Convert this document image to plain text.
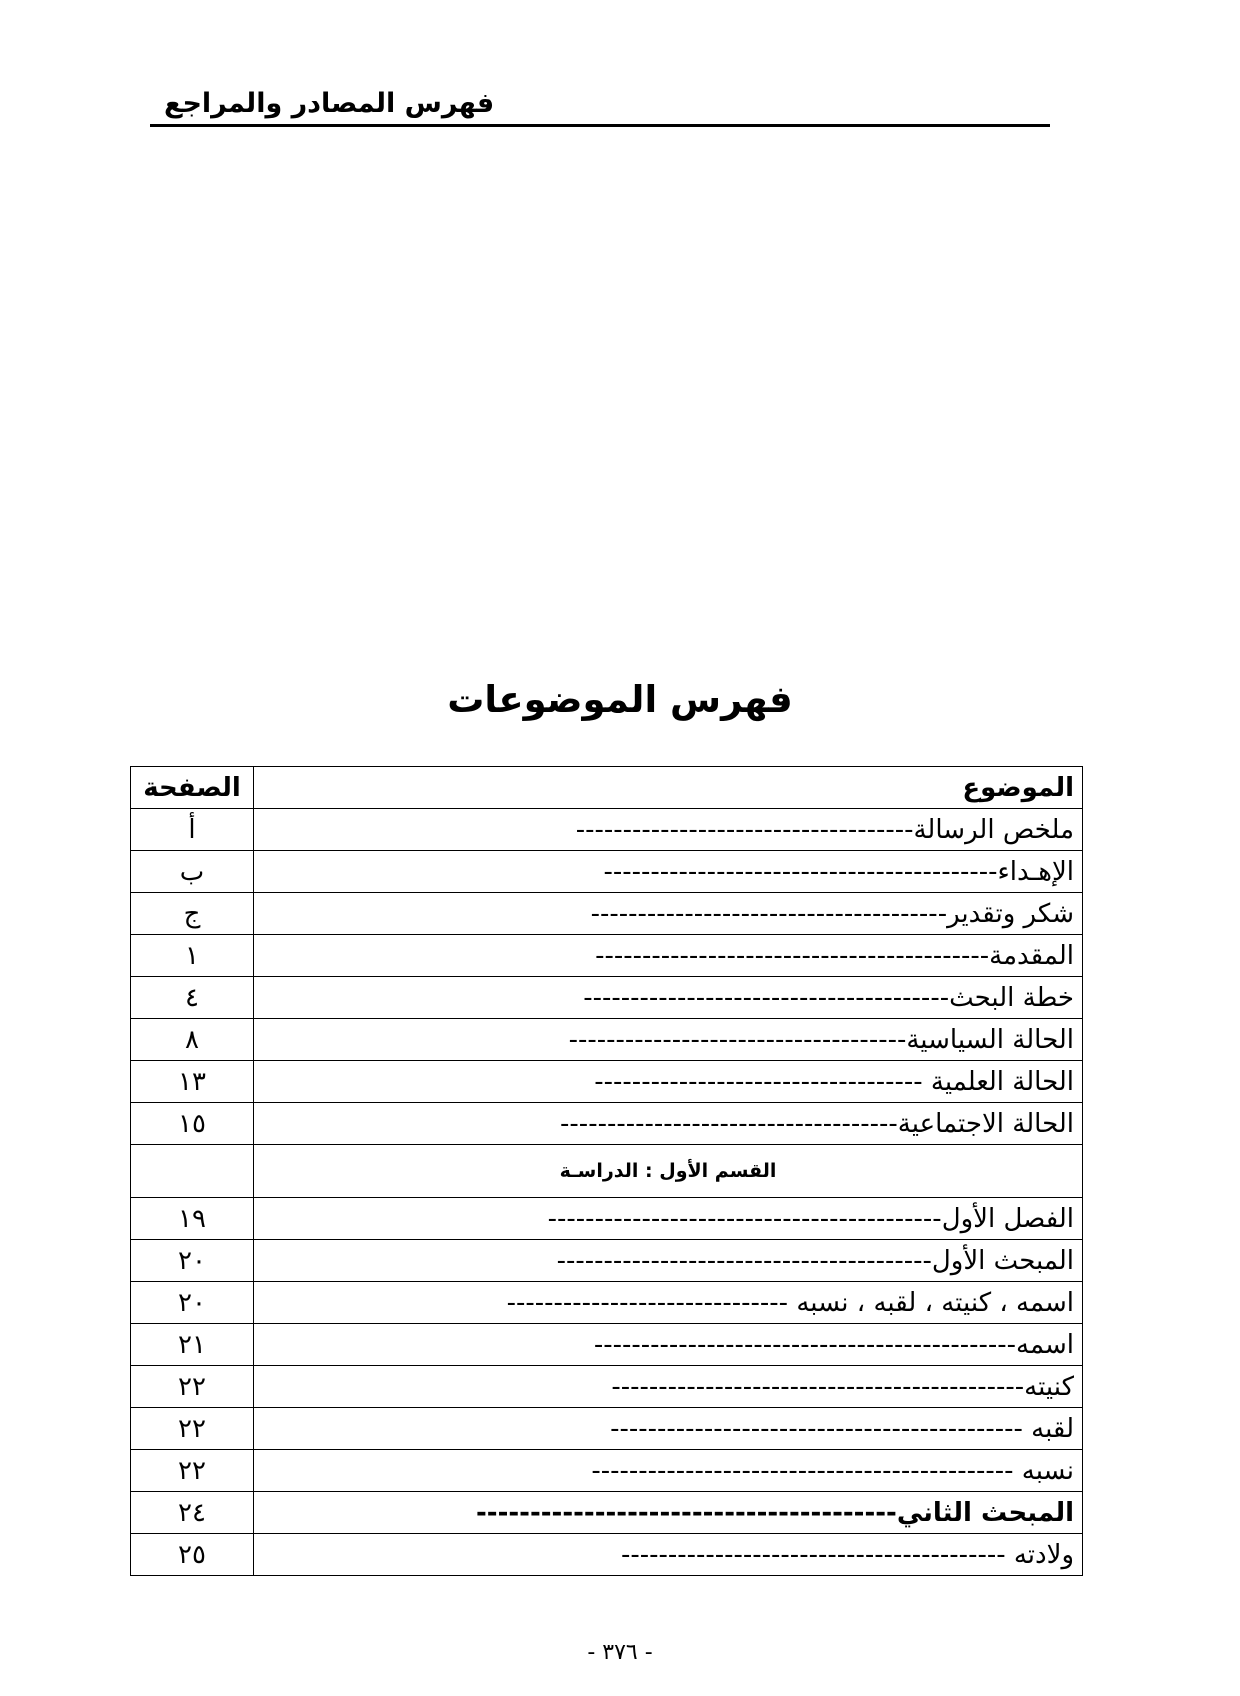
فهرس المصادر والمراجع
فهرس الموضوعات
الموضوع	الصفحة
ملخص الرسالة------------------------------------	أ
الإهـداء------------------------------------------	ب
شكر وتقدير--------------------------------------	ج
المقدمة------------------------------------------	١
خطة البحث---------------------------------------	٤
الحالة السياسية------------------------------------	٨
الحالة العلمية -----------------------------------	١٣
الحالة الاجتماعية------------------------------------	١٥
القسم الأول : الدراسـة	
الفصل الأول------------------------------------------	١٩
المبحث الأول----------------------------------------	٢٠
اسمه ، كنيته ، لقبه ، نسبه ------------------------------	٢٠
اسمه---------------------------------------------	٢١
كنيته--------------------------------------------	٢٢
لقبه --------------------------------------------	٢٢
نسبه ---------------------------------------------	٢٢
المبحث الثاني---------------------------------------	٢٤
ولادته -----------------------------------------	٢٥
- ٣٧٦ -
